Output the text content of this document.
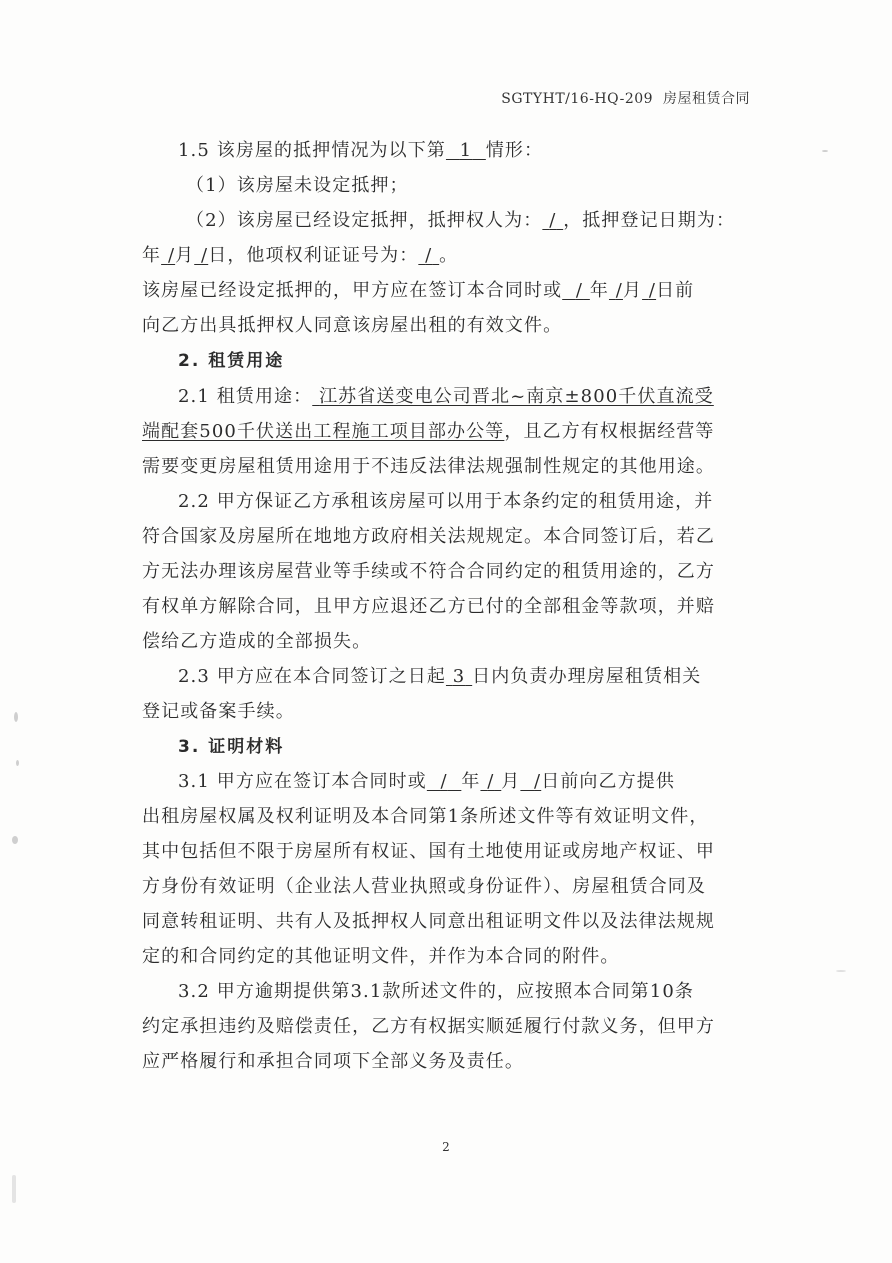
SGTYHT/16-HQ-209 房屋租赁合同
1.5 该房屋的抵押情况为以下第 1 情形：
（1）该房屋未设定抵押；
（2）该房屋已经设定抵押，抵押权人为： / ，抵押登记日期为：
年 /月 /日，他项权利证证号为： / 。
该房屋已经设定抵押的，甲方应在签订本合同时或 / 年 /月 /日前
向乙方出具抵押权人同意该房屋出租的有效文件。
2. 租赁用途
2.1 租赁用途： 江苏省送变电公司晋北~南京±800千伏直流受
端配套500千伏送出工程施工项目部办公等，且乙方有权根据经营等
需要变更房屋租赁用途用于不违反法律法规强制性规定的其他用途。
2.2 甲方保证乙方承租该房屋可以用于本条约定的租赁用途，并
符合国家及房屋所在地地方政府相关法规规定。本合同签订后，若乙
方无法办理该房屋营业等手续或不符合合同约定的租赁用途的，乙方
有权单方解除合同，且甲方应退还乙方已付的全部租金等款项，并赔
偿给乙方造成的全部损失。
2.3 甲方应在本合同签订之日起 3 日内负责办理房屋租赁相关
登记或备案手续。
3. 证明材料
3.1 甲方应在签订本合同时或 / 年 / 月 /日前向乙方提供
出租房屋权属及权利证明及本合同第1条所述文件等有效证明文件，
其中包括但不限于房屋所有权证、国有土地使用证或房地产权证、甲
方身份有效证明（企业法人营业执照或身份证件）、房屋租赁合同及
同意转租证明、共有人及抵押权人同意出租证明文件以及法律法规规
定的和合同约定的其他证明文件，并作为本合同的附件。
3.2 甲方逾期提供第3.1款所述文件的，应按照本合同第10条
约定承担违约及赔偿责任，乙方有权据实顺延履行付款义务，但甲方
应严格履行和承担合同项下全部义务及责任。
2
